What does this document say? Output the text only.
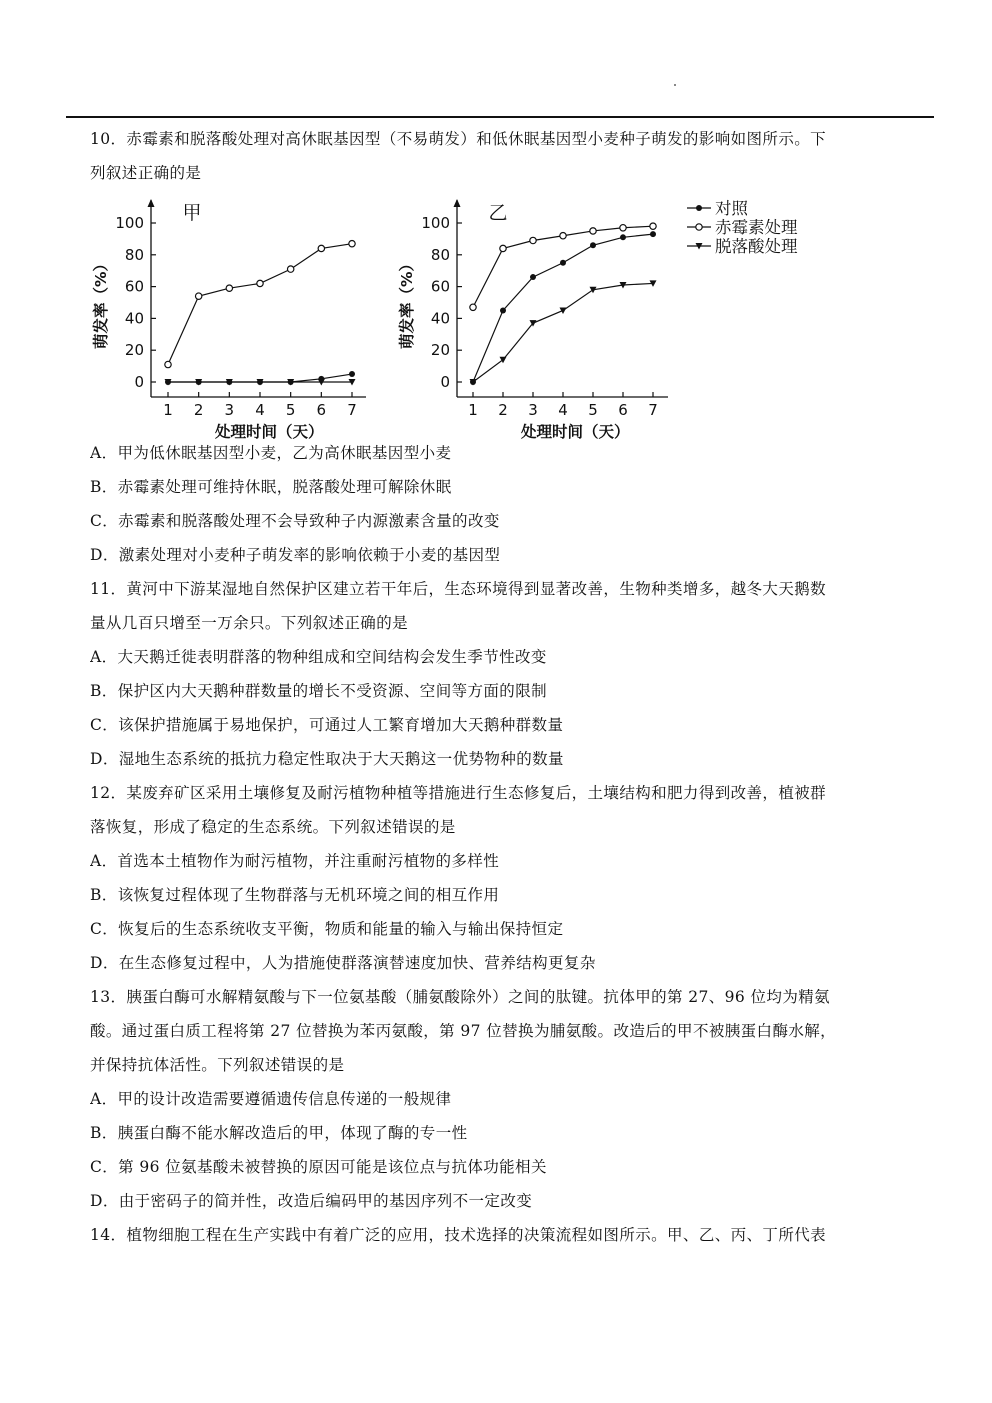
10．赤霉素和脱落酸处理对高休眠基因型（不易萌发）和低休眠基因型小麦种子萌发的影响如图所示。下
列叙述正确的是
0
20
40
60
80
100
1 2 3 4 5 6 7
甲
处理时间（天）
萌发率（%）
0
20
40
60
80
100
1 2 3 4 5 6 7
乙
处理时间（天）
萌发率（%）
对照
赤霉素处理
脱落酸处理
A．甲为低休眠基因型小麦，乙为高休眠基因型小麦
B．赤霉素处理可维持休眠，脱落酸处理可解除休眠
C．赤霉素和脱落酸处理不会导致种子内源激素含量的改变
D．激素处理对小麦种子萌发率的影响依赖于小麦的基因型
11．黄河中下游某湿地自然保护区建立若干年后，生态环境得到显著改善，生物种类增多，越冬大天鹅数
量从几百只增至一万余只。下列叙述正确的是
A．大天鹅迁徙表明群落的物种组成和空间结构会发生季节性改变
B．保护区内大天鹅种群数量的增长不受资源、空间等方面的限制
C．该保护措施属于易地保护，可通过人工繁育增加大天鹅种群数量
D．湿地生态系统的抵抗力稳定性取决于大天鹅这一优势物种的数量
12．某废弃矿区采用土壤修复及耐污植物种植等措施进行生态修复后，土壤结构和肥力得到改善，植被群
落恢复，形成了稳定的生态系统。下列叙述错误的是
A．首选本土植物作为耐污植物，并注重耐污植物的多样性
B．该恢复过程体现了生物群落与无机环境之间的相互作用
C．恢复后的生态系统收支平衡，物质和能量的输入与输出保持恒定
D．在生态修复过程中，人为措施使群落演替速度加快、营养结构更复杂
13．胰蛋白酶可水解精氨酸与下一位氨基酸（脯氨酸除外）之间的肽键。抗体甲的第 27、96 位均为精氨
酸。通过蛋白质工程将第 27 位替换为苯丙氨酸，第 97 位替换为脯氨酸。改造后的甲不被胰蛋白酶水解，
并保持抗体活性。下列叙述错误的是
A．甲的设计改造需要遵循遗传信息传递的一般规律
B．胰蛋白酶不能水解改造后的甲，体现了酶的专一性
C．第 96 位氨基酸未被替换的原因可能是该位点与抗体功能相关
D．由于密码子的简并性，改造后编码甲的基因序列不一定改变
14．植物细胞工程在生产实践中有着广泛的应用，技术选择的决策流程如图所示。甲、乙、丙、丁所代表
